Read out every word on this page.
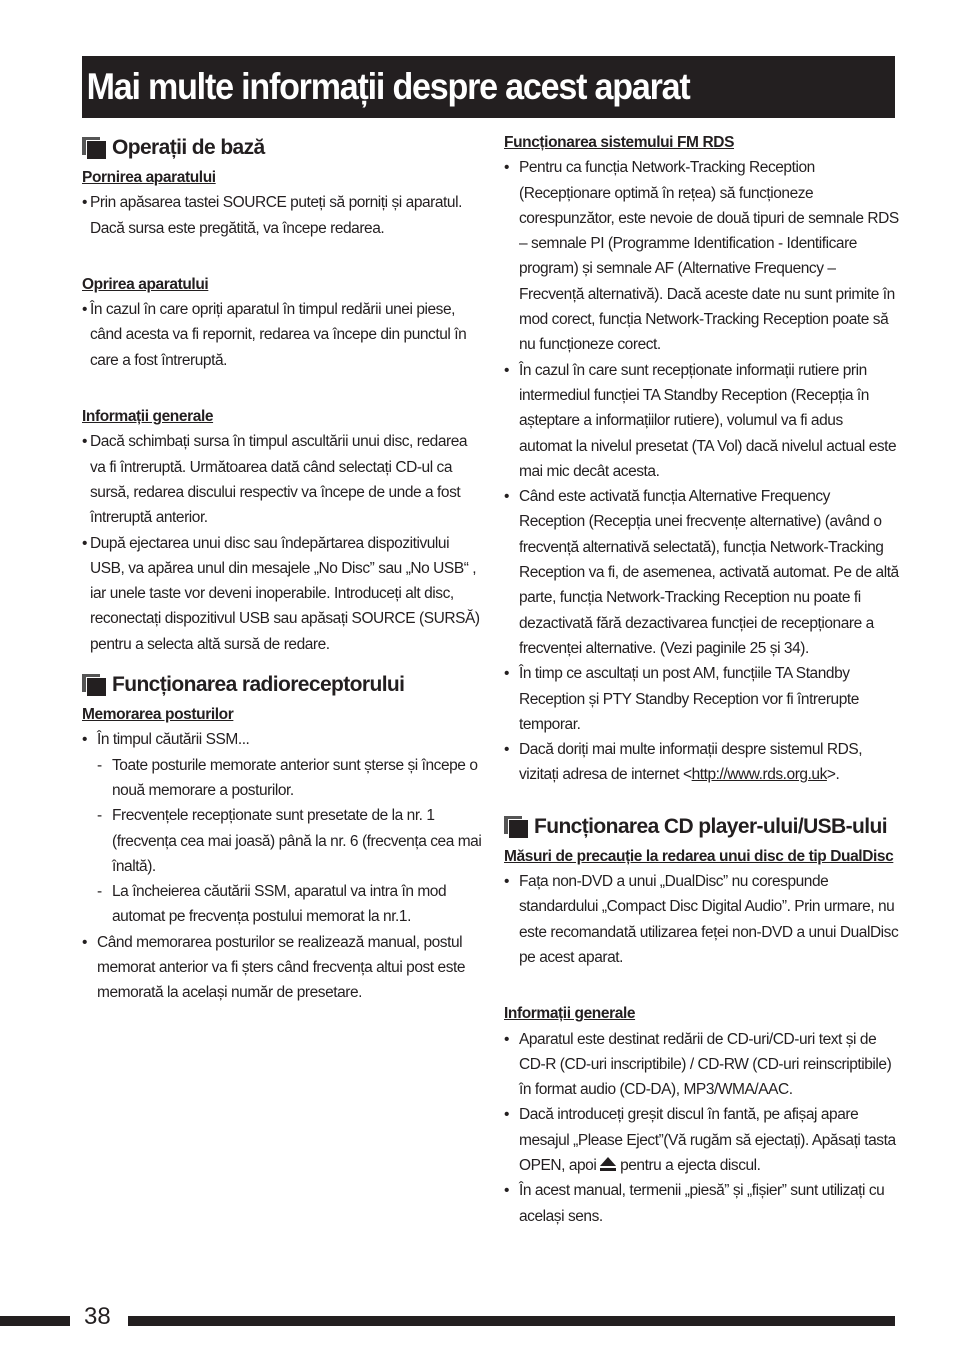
Mai multe informații despre acest aparat
Operații de bază
Pornirea aparatului
• Prin apăsarea tastei SOURCE puteți să porniți și aparatul. Dacă sursa este pregătită, va începe redarea.
Oprirea aparatului
• În cazul în care opriți aparatul în timpul redării unei piese, când acesta va fi repornit, redarea va începe din punctul în care a fost întreruptă.
Informații generale
• Dacă schimbați sursa în timpul ascultării unui disc, redarea va fi întreruptă. Următoarea dată când selectați CD-ul ca sursă, redarea discului respectiv va începe de unde a fost întreruptă anterior.
• După ejectarea unui disc sau îndepărtarea dispozitivului USB, va apărea unul din mesajele „No Disc” sau „No USB“ , iar unele taste vor deveni inoperabile. Introduceți alt disc, reconectați dispozitivul USB sau apăsați SOURCE (SURSĂ) pentru a selecta altă sursă de redare.
Funcționarea radioreceptorului
Memorarea posturilor
• În timpul căutării SSM...
- Toate posturile memorate anterior sunt șterse și începe o nouă memorare a posturilor.
- Frecvențele recepționate sunt presetate de la nr. 1 (frecvența cea mai joasă) până la nr. 6 (frecvența cea mai înaltă).
- La încheierea căutării SSM, aparatul va intra în mod automat pe frecvența postului memorat la nr.1.
• Când memorarea posturilor se realizează manual, postul memorat anterior va fi șters când frecvența altui post este memorată la același număr de presetare.
Funcționarea sistemului FM RDS
• Pentru ca funcția Network-Tracking Reception (Recepționare optimă în rețea) să funcționeze corespunzător, este nevoie de două tipuri de semnale RDS – semnale PI (Programme Identification - Identificare program) și semnale AF (Alternative Frequency – Frecvență alternativă). Dacă aceste date nu sunt primite în mod corect, funcția Network-Tracking Reception poate să nu funcționeze corect.
• În cazul în care sunt recepționate informații rutiere prin intermediul funcției TA Standby Reception (Recepția în așteptare a informațiilor rutiere), volumul va fi adus automat la nivelul presetat (TA Vol) dacă nivelul actual este mai mic decât acesta.
• Când este activată funcția Alternative Frequency Reception (Recepția unei frecvențe alternative) (având o frecvență alternativă selectată), funcția Network-Tracking Reception va fi, de asemenea, activată automat. Pe de altă parte, funcția Network-Tracking Reception nu poate fi dezactivată fără dezactivarea funcției de recepționare a frecvenței alternative. (Vezi paginile 25 și 34).
• În timp ce ascultați un post AM, funcțiile TA Standby Reception și PTY Standby Reception vor fi întrerupte temporar.
• Dacă doriți mai multe informații despre sistemul RDS, vizitați adresa de internet <http://www.rds.org.uk>.
Funcționarea CD player-ului/USB-ului
Măsuri de precauție la redarea unui disc de tip DualDisc
• Fața non-DVD a unui „DualDisc” nu corespunde standardului „Compact Disc Digital Audio”. Prin urmare, nu este recomandată utilizarea feței non-DVD a unui DualDisc pe acest aparat.
Informații generale
• Aparatul este destinat redării de CD-uri/CD-uri text și de CD-R (CD-uri inscriptibile) / CD-RW (CD-uri reinscriptibile) în format audio (CD-DA), MP3/WMA/AAC.
• Dacă introduceți greșit discul în fantă, pe afișaj apare mesajul „Please Eject”(Vă rugăm să ejectați). Apăsați tasta OPEN, apoi  pentru a ejecta discul.
• În acest manual, termenii „piesă” și „fișier” sunt utilizați cu același sens.
38
